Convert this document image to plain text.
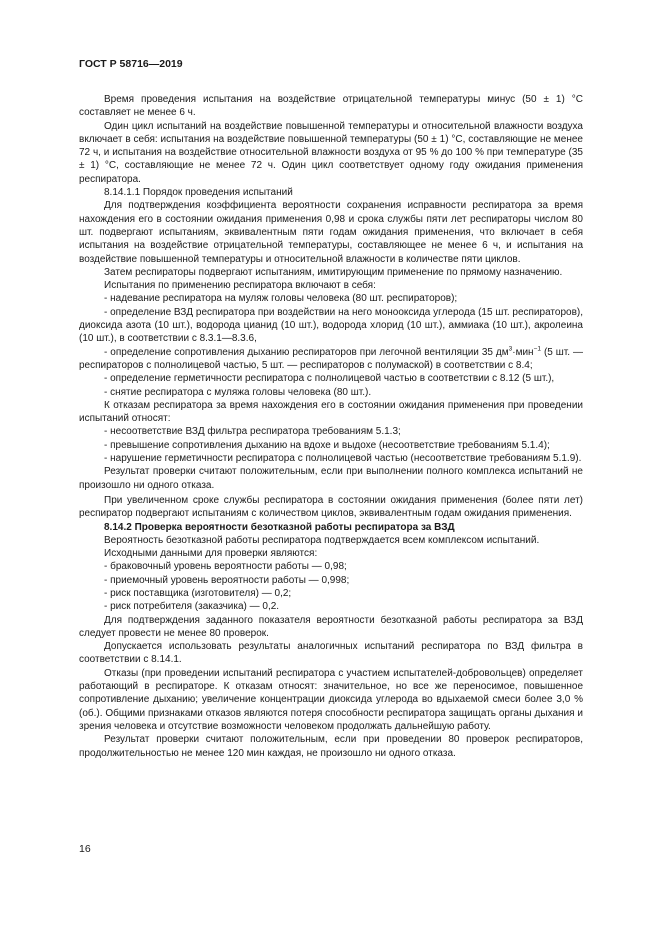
ГОСТ Р 58716—2019

Время проведения испытания на воздействие отрицательной температуры минус (50 ± 1) °С составляет не менее 6 ч.

Один цикл испытаний на воздействие повышенной температуры и относительной влажности воздуха включает в себя: испытания на воздействие повышенной температуры (50 ± 1) °С, составляющие не менее 72 ч, и испытания на воздействие относительной влажности воздуха от 95 % до 100 % при температуре (35 ± 1) °С, составляющие не менее 72 ч. Один цикл соответствует одному году ожидания применения респиратора.

8.14.1.1 Порядок проведения испытаний

Для подтверждения коэффициента вероятности сохранения исправности респиратора за время нахождения его в состоянии ожидания применения 0,98 и срока службы пяти лет респираторы числом 80 шт. подвергают испытаниям, эквивалентным пяти годам ожидания применения, что включает в себя испытания на воздействие отрицательной температуры, составляющее не менее 6 ч, и испытания на воздействие повышенной температуры и относительной влажности в количестве пяти циклов.

Затем респираторы подвергают испытаниям, имитирующим применение по прямому назначению.

Испытания по применению респиратора включают в себя:

- надевание респиратора на муляж головы человека (80 шт. респираторов);

- определение ВЗД респиратора при воздействии на него монооксида углерода (15 шт. респираторов), диоксида азота (10 шт.), водорода цианид (10 шт.), водорода хлорид (10 шт.), аммиака (10 шт.), акролеина (10 шт.), в соответствии с 8.3.1—8.3.6,

- определение сопротивления дыханию респираторов при легочной вентиляции 35 $дм^3\cdot мин^{-1}$ (5 шт. — респираторов с полнолицевой частью, 5 шт. — респираторов с полумаской) в соответствии с 8.4;

- определение герметичности респиратора с полнолицевой частью в соответствии с 8.12 (5 шт.),

- снятие респиратора с муляжа головы человека (80 шт.).

К отказам респиратора за время нахождения его в состоянии ожидания применения при проведении испытаний относят:

- несоответствие ВЗД фильтра респиратора требованиям 5.1.3;

- превышение сопротивления дыханию на вдохе и выдохе (несоответствие требованиям 5.1.4);

- нарушение герметичности респиратора с полнолицевой частью (несоответствие требованиям 5.1.9).

Результат проверки считают положительным, если при выполнении полного комплекса испытаний не произошло ни одного отказа.

При увеличенном сроке службы респиратора в состоянии ожидания применения (более пяти лет) респиратор подвергают испытаниям с количеством циклов, эквивалентным годам ожидания применения.

8.14.2 Проверка вероятности безотказной работы респиратора за ВЗД

Вероятность безотказной работы респиратора подтверждается всем комплексом испытаний.

Исходными данными для проверки являются:

- браковочный уровень вероятности работы — 0,98;

- приемочный уровень вероятности работы — 0,998;

- риск поставщика (изготовителя) — 0,2;

- риск потребителя (заказчика) — 0,2.

Для подтверждения заданного показателя вероятности безотказной работы респиратора за ВЗД следует провести не менее 80 проверок.

Допускается использовать результаты аналогичных испытаний респиратора по ВЗД фильтра в соответствии с 8.14.1.

Отказы (при проведении испытаний респиратора с участием испытателей-добровольцев) определяет работающий в респираторе. К отказам относят: значительное, но все же переносимое, повышенное сопротивление дыханию; увеличение концентрации диоксида углерода во вдыхаемой смеси более 3,0 % (об.). Общими признаками отказов являются потеря способности респиратора защищать органы дыхания и зрения человека и отсутствие возможности человеком продолжать дальнейшую работу.

Результат проверки считают положительным, если при проведении 80 проверок респираторов, продолжительностью не менее 120 мин каждая, не произошло ни одного отказа.

16
